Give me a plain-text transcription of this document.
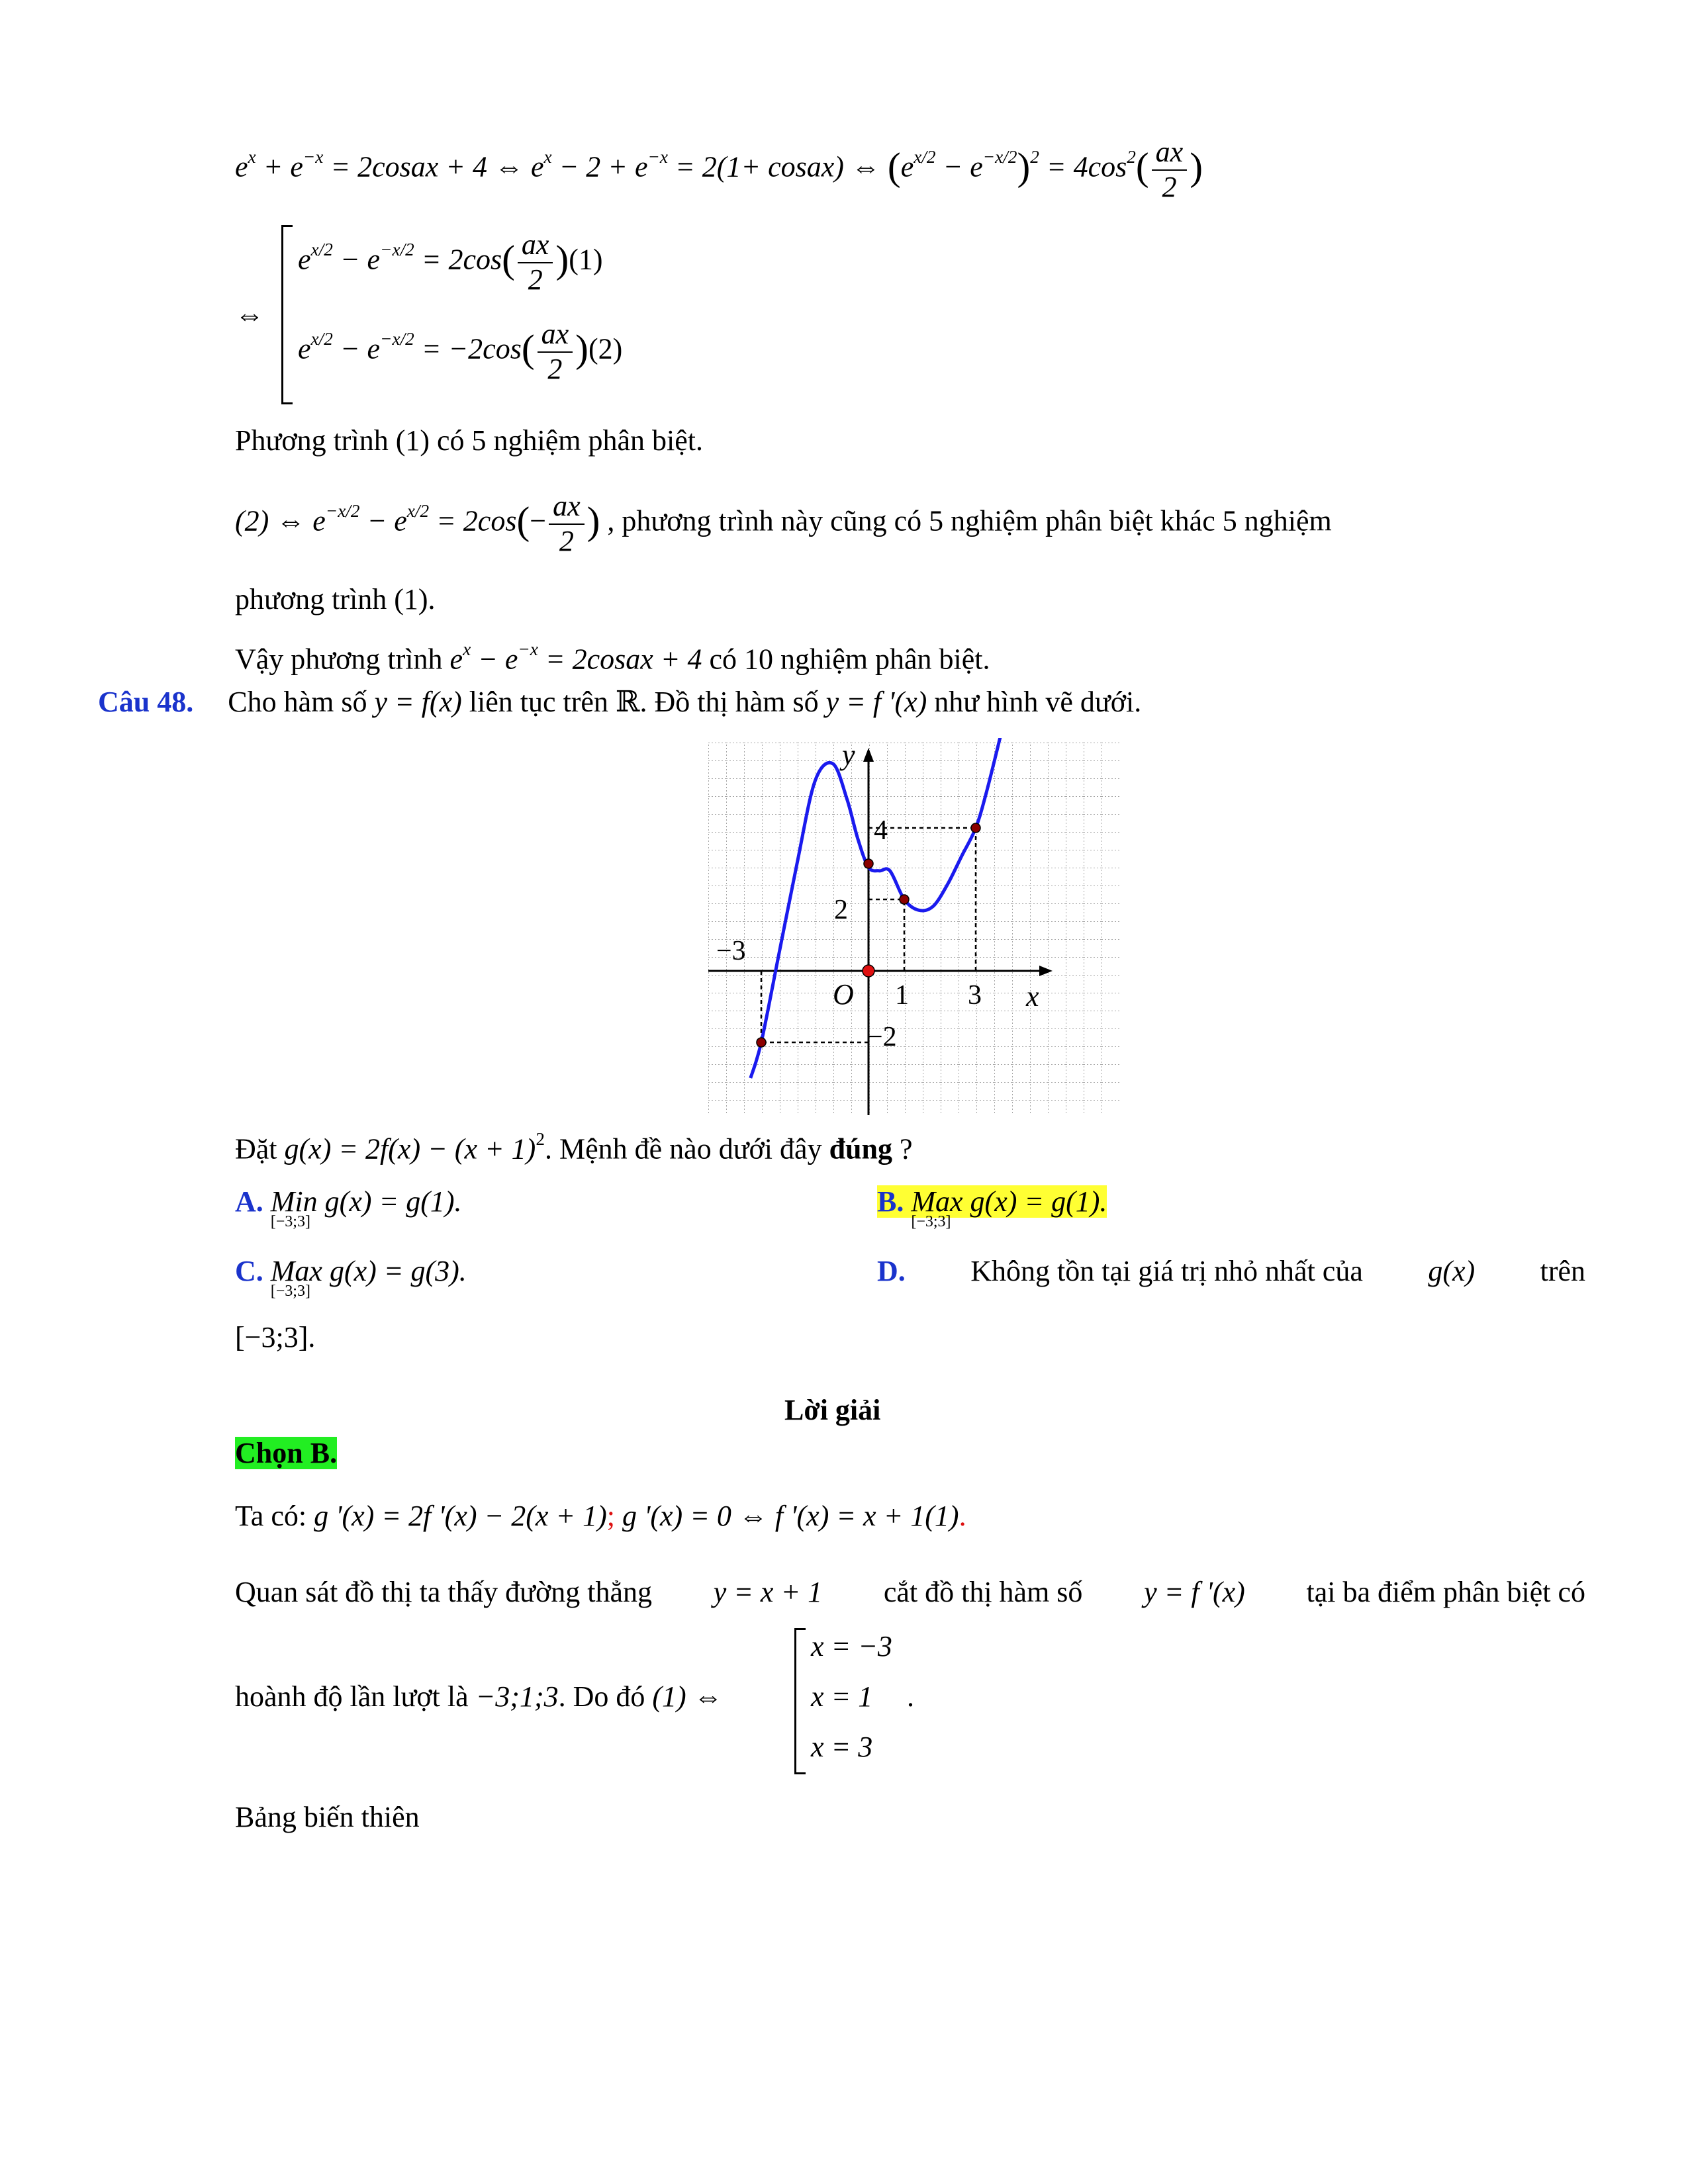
$e^x + e^{-x}$ = 2cosax + 4 ⇔ $e^x - 2 + e^{-x} = 2(1+$ cosax) ⇔ $(e^{x/2} - e^{-x/2})^2 = 4\cos^2( \frac{ax}{2}$ )
⇔
$e^{x/2} - e^{-x/2} = 2\cos( \frac{ax}{2} )(1)$
$e^{x/2} - e^{-x/2} = -2\cos( \frac{ax}{2} )(2)$
Phương trình (1) có 5 nghiệm phân biệt.
(2) ⇔ $e^{-x/2} - e^{x/2} = 2\cos(- \frac{ax}{2}$ ) , phương trình này cũng có 5 nghiệm phân biệt khác 5 nghiệm
phương trình (1).
Vậy phương trình $e^x - e^{-x}$ = 2cosax + 4 có 10 nghiệm phân biệt.
Câu 48. Cho hàm số y = f(x) liên tục trên ℝ. Đồ thị hàm số y = f '(x) như hình vẽ dưới.
y
x
O 1 3
4
2
−2
−3
Đặt $g(x) = 2f(x) - (x + 1)^2$. Mệnh đề nào dưới đây đúng ?
A. Min
[−3;3]
g(x) = g(1).	B. Max
[−3;3]
g(x) = g(1).
C. Max
[−3;3]
g(x) = g(3).	D. Không tồn tại giá trị nhỏ nhất của g(x) trên
[−3;3].
Lời giải
Chọn B.
Ta có: g '(x) = 2f '(x) − 2(x + 1); g '(x) = 0 ⇔ f '(x) = x + 1(1).
Quan sát đồ thị ta thấy đường thẳng y = x + 1 cắt đồ thị hàm số y = f '(x) tại ba điểm phân biệt có
hoành độ lần lượt là −3;1;3. Do đó (1) ⇔
x = −3
x = 1
x = 3
.
Bảng biến thiên
